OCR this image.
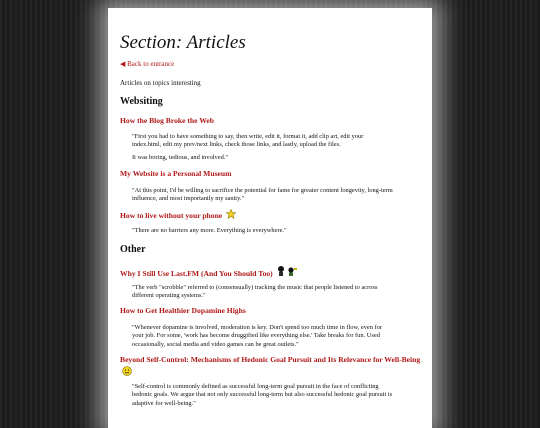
Section: Articles
◀ Back to entrance
Articles on topics interesting
Websiting
How the Blog Broke the Web
"First you had to have something to say, then write, edit it, format it, add clip art, edit your index.html, edit my prev/next links, check those links, and lastly, upload the files.
It was boring, tedious, and involved."
My Website is a Personal Museum
"At this point, I'd be willing to sacrifice the potential for fame for greater content longevity, long-term influence, and most importantly my sanity."
How to live without your phone
"There are no barriers any more. Everything is everywhere."
Other
Why I Still Use Last.FM (And You Should Too)
"The verb "scrobble" referred to (consensually) tracking the music that people listened to across different operating systems."
How to Get Healthier Dopamine Highs
"Whenever dopamine is involved, moderation is key. Don't spend too much time in flow, even for your job. For some, 'work has become druggified like everything else.' Take breaks for fun. Used occasionally, social media and video games can be great outlets."
Beyond Self-Control: Mechanisms of Hedonic Goal Pursuit and Its Relevance for Well-Being
"Self-control is commonly defined as successful long-term goal pursuit in the face of conflicting hedonic goals. We argue that not only successful long-term but also successful hedonic goal pursuit is adaptive for well-being."
